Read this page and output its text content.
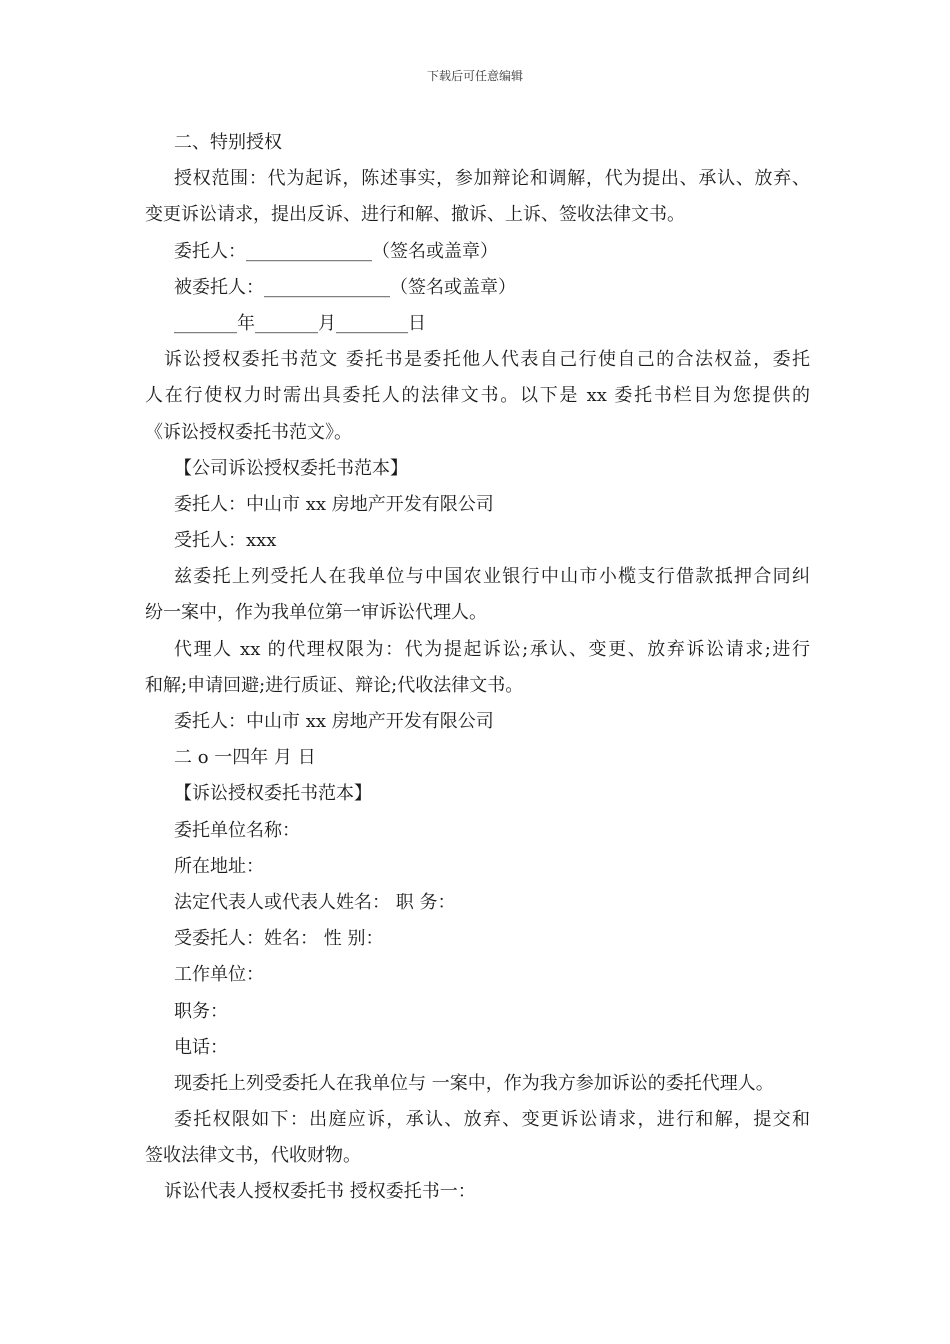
下载后可任意编辑
二、特别授权
授权范围：代为起诉，陈述事实，参加辩论和调解，代为提出、承认、放弃、
变更诉讼请求，提出反诉、进行和解、撤诉、上诉、签收法律文书。
委托人：______________（签名或盖章）
被委托人：______________（签名或盖章）
_______年_______月________日
诉讼授权委托书范文 委托书是委托他人代表自己行使自己的合法权益，委托
人在行使权力时需出具委托人的法律文书。以下是 xx 委托书栏目为您提供的
《诉讼授权委托书范文》。
【公司诉讼授权委托书范本】
委托人：中山市 xx 房地产开发有限公司
受托人：xxx
兹委托上列受托人在我单位与中国农业银行中山市小榄支行借款抵押合同纠
纷一案中，作为我单位第一审诉讼代理人。
代理人 xx 的代理权限为：代为提起诉讼;承认、变更、放弃诉讼请求;进行
和解;申请回避;进行质证、辩论;代收法律文书。
委托人：中山市 xx 房地产开发有限公司
二 o 一四年 月 日
【诉讼授权委托书范本】
委托单位名称：
所在地址：
法定代表人或代表人姓名： 职 务：
受委托人：姓名： 性 别：
工作单位：
职务：
电话：
现委托上列受委托人在我单位与 一案中，作为我方参加诉讼的委托代理人。
委托权限如下：出庭应诉，承认、放弃、变更诉讼请求，进行和解，提交和
签收法律文书，代收财物。
诉讼代表人授权委托书 授权委托书一：
